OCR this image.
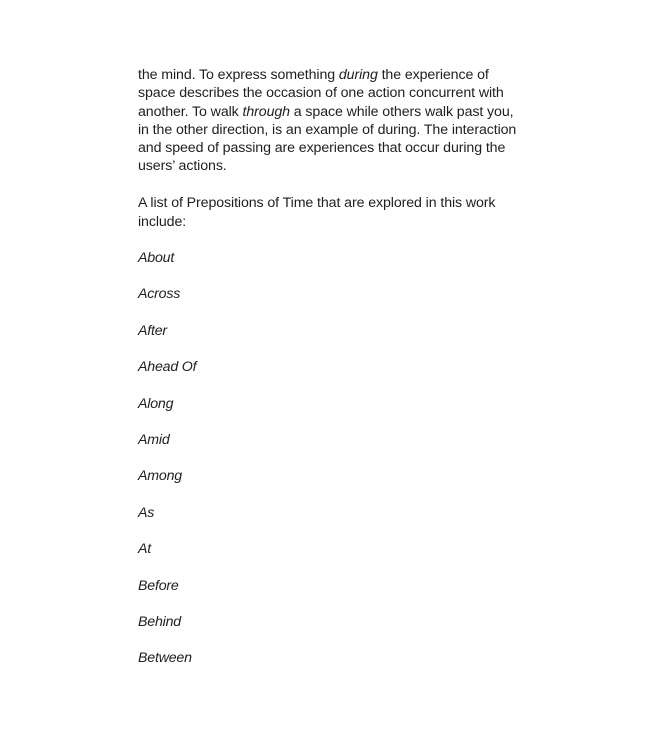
the mind. To express something during the experience of space describes the occasion of one action concurrent with another. To walk through a space while others walk past you, in the other direction, is an example of during. The interaction and speed of passing are experiences that occur during the users’ actions.

A list of Prepositions of Time that are explored in this work include:

About
Across
After
Ahead Of
Along
Amid
Among
As
At
Before
Behind
Between
